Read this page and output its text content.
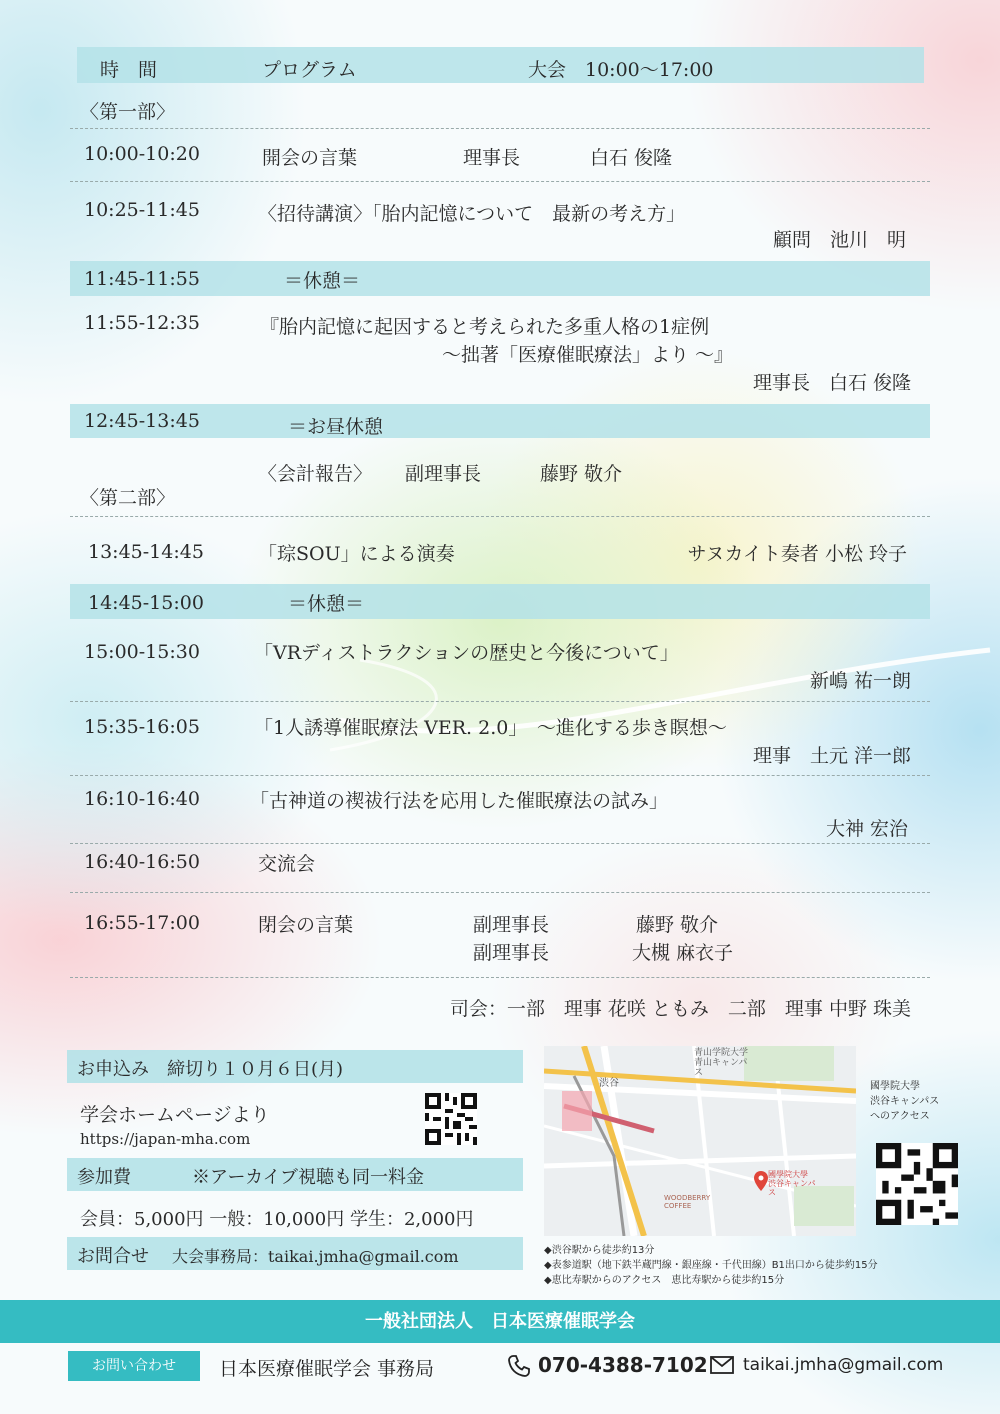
時　間	プログラム	大会　10:00～17:00
〈第一部〉
10:00-10:20	開会の言葉	理事長	白石 俊隆
10:25-11:45	〈招待講演〉「胎内記憶について　最新の考え方」
顧問　池川　明
11:45-11:55	＝休憩＝
11:55-12:35	『胎内記憶に起因すると考えられた多重人格の1症例
～拙著「医療催眠療法」より ～』
理事長　白石 俊隆
12:45-13:45	＝お昼休憩
〈会計報告〉 副理事長	藤野 敬介
〈第二部〉
13:45-14:45	「琮SOU」による演奏	サヌカイト奏者 小松 玲子
14:45-15:00	＝休憩＝
15:00-15:30	「VRディストラクションの歴史と今後について」
新嶋 祐一朗
15:35-16:05	「1人誘導催眠療法 VER. 2.0」　～進化する歩き瞑想～
理事　土元 洋一郎
16:10-16:40	「古神道の禊祓行法を応用した催眠療法の試み」
大神 宏治
16:40-16:50	交流会
16:55-17:00	閉会の言葉	副理事長	藤野 敬介
副理事長	大槻 麻衣子
司会：一部　理事 花咲 ともみ　二部　理事 中野 珠美
お申込み　締切り１０月６日(月)
学会ホームページより
https://japan-mha.com
参加費	※アーカイブ視聴も同一料金
会員：5,000円 一般：10,000円 学生：2,000円
お問合せ 大会事務局：taikai.jmha@gmail.com
青山学院大学 青山キャンパス
渋谷
國學院大學 渋谷キャンパス
WOODBERRY COFFEE
國學院大學
渋谷キャンパス
へのアクセス
◆渋谷駅から徒歩約13分
◆表参道駅（地下鉄半蔵門線・銀座線・千代田線）B1出口から徒歩約15分
◆恵比寿駅からのアクセス　恵比寿駅から徒歩約15分
一般社団法人　日本医療催眠学会
お問い合わせ	日本医療催眠学会 事務局	070-4388-7102 taikai.jmha@gmail.com
